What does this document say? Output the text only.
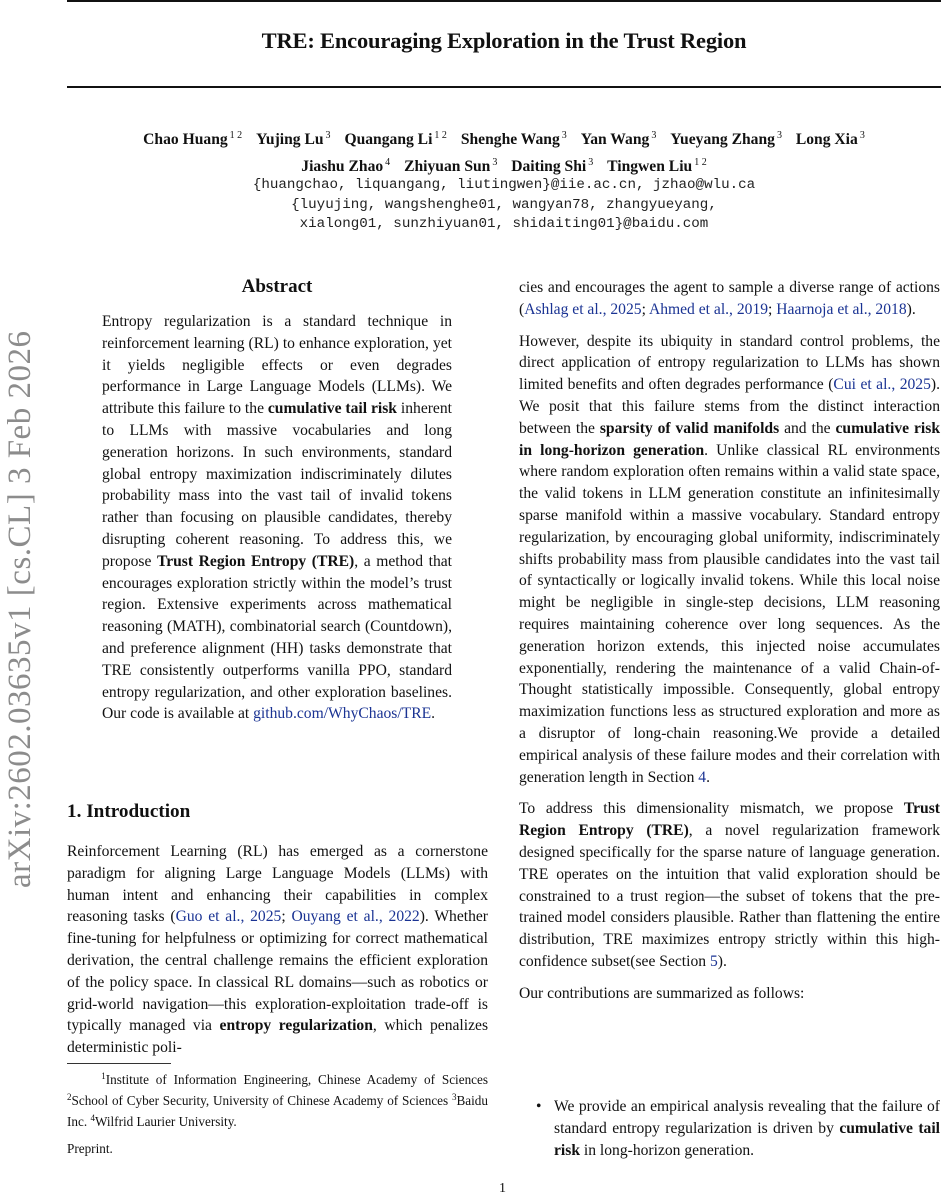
TRE: Encouraging Exploration in the Trust Region
Chao Huang $^{1 2}$ Yujing Lu $^3$ Quangang Li $^{1 2}$ Shenghe Wang $^3$ Yan Wang $^3$ Yueyang Zhang $^3$ Long Xia $^3$
Jiashu Zhao $^4$ Zhiyuan Sun $^3$ Daiting Shi $^3$ Tingwen Liu $^{1 2}$
{huangchao, liquangang, liutingwen}@iie.ac.cn, jzhao@wlu.ca
{luyujing, wangshenghe01, wangyan78, zhangyueyang,
xialong01, sunzhiyuan01, shidaiting01}@baidu.com
arXiv:2602.03635v1 [cs.CL] 3 Feb 2026
Abstract

Entropy regularization is a standard technique in reinforcement learning (RL) to enhance exploration, yet it yields negligible effects or even degrades performance in Large Language Models (LLMs). We attribute this failure to the cumulative tail risk inherent to LLMs with massive vocabularies and long generation horizons. In such environments, standard global entropy maximization indiscriminately dilutes probability mass into the vast tail of invalid tokens rather than focusing on plausible candidates, thereby disrupting coherent reasoning. To address this, we propose Trust Region Entropy (TRE), a method that encourages exploration strictly within the model’s trust region. Extensive experiments across mathematical reasoning (MATH), combinatorial search (Countdown), and preference alignment (HH) tasks demonstrate that TRE consistently outperforms vanilla PPO, standard entropy regularization, and other exploration baselines. Our code is available at github.com/WhyChaos/TRE.

1. Introduction

Reinforcement Learning (RL) has emerged as a cornerstone paradigm for aligning Large Language Models (LLMs) with human intent and enhancing their capabilities in complex reasoning tasks (Guo et al., 2025; Ouyang et al., 2022). Whether fine-tuning for helpfulness or optimizing for correct mathematical derivation, the central challenge remains the efficient exploration of the policy space. In classical RL domains—such as robotics or grid-world navigation—this exploration-exploitation trade-off is typically managed via entropy regularization, which penalizes deterministic poli-

$^1$Institute of Information Engineering, Chinese Academy of Sciences $^2$School of Cyber Security, University of Chinese Academy of Sciences $^3$Baidu Inc. $^4$Wilfrid Laurier University.
Preprint.

cies and encourages the agent to sample a diverse range of actions (Ashlag et al., 2025; Ahmed et al., 2019; Haarnoja et al., 2018).

However, despite its ubiquity in standard control problems, the direct application of entropy regularization to LLMs has shown limited benefits and often degrades performance (Cui et al., 2025). We posit that this failure stems from the distinct interaction between the sparsity of valid manifolds and the cumulative risk in long-horizon generation. Unlike classical RL environments where random exploration often remains within a valid state space, the valid tokens in LLM generation constitute an infinitesimally sparse manifold within a massive vocabulary. Standard entropy regularization, by encouraging global uniformity, indiscriminately shifts probability mass from plausible candidates into the vast tail of syntactically or logically invalid tokens. While this local noise might be negligible in single-step decisions, LLM reasoning requires maintaining coherence over long sequences. As the generation horizon extends, this injected noise accumulates exponentially, rendering the maintenance of a valid Chain-of-Thought statistically impossible. Consequently, global entropy maximization functions less as structured exploration and more as a disruptor of long-chain reasoning.We provide a detailed empirical analysis of these failure modes and their correlation with generation length in Section 4.

To address this dimensionality mismatch, we propose Trust Region Entropy (TRE), a novel regularization framework designed specifically for the sparse nature of language generation. TRE operates on the intuition that valid exploration should be constrained to a trust region—the subset of tokens that the pre-trained model considers plausible. Rather than flattening the entire distribution, TRE maximizes entropy strictly within this high-confidence subset(see Section 5).

Our contributions are summarized as follows:

• We provide an empirical analysis revealing that the failure of standard entropy regularization is driven by cumulative tail risk in long-horizon generation.
1
